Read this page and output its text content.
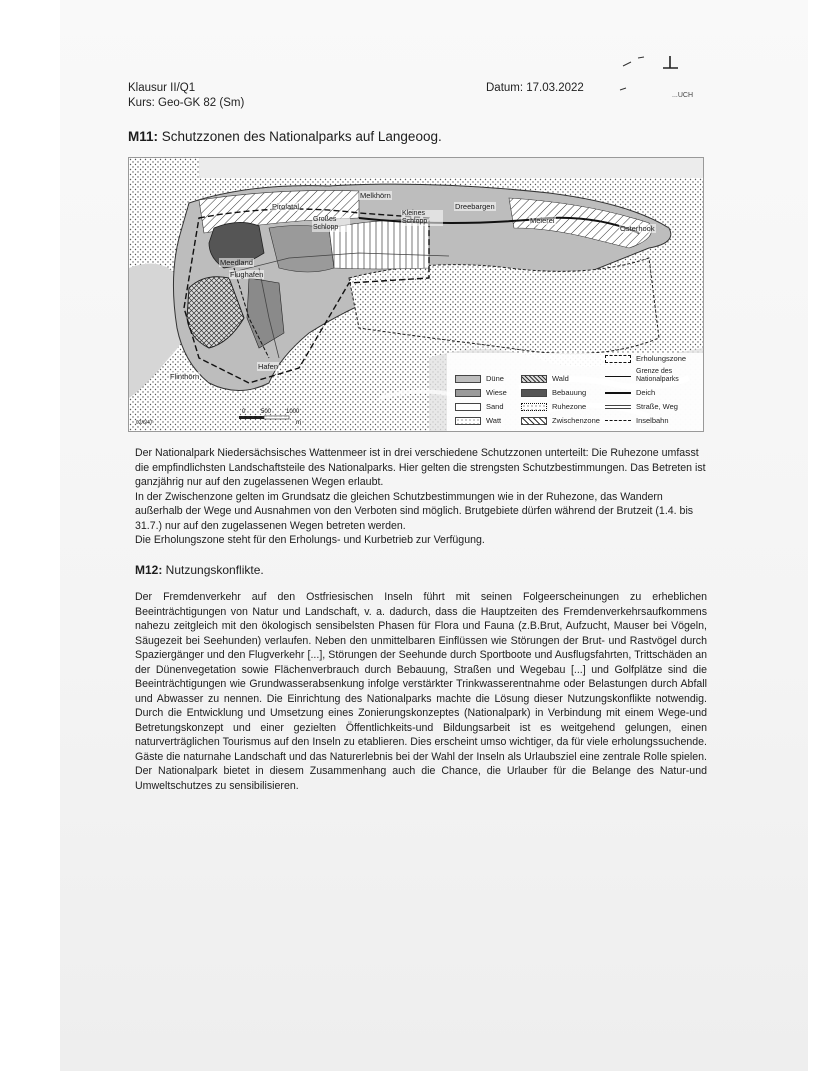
Klausur II/Q1
Kurs: Geo-GK 82 (Sm)
Datum: 17.03.2022
...UCH
M11: Schutzzonen des Nationalparks auf Langeoog.
Pirolatal
Melkhörn
Großes Schlopp
Kleines Schlopp
Dreebargen
Meierei
Osterhook
Meedland
Flughafen
Flinthörn
Hafen
0	500 1000
m
02/6/47
Düne
Wiese
Sand
Watt
Wald
Bebauung
Ruhezone
Zwischenzone
Erholungszone
Grenze des Nationalparks
Deich
Straße, Weg
Inselbahn

Der Nationalpark Niedersächsisches Wattenmeer ist in drei verschiedene Schutzzonen unterteilt: Die Ruhezone umfasst die empfindlichsten Landschaftsteile des Nationalparks. Hier gelten die strengsten Schutzbestimmungen. Das Betreten ist ganzjährig nur auf den zugelassenen Wegen erlaubt.

In der Zwischenzone gelten im Grundsatz die gleichen Schutzbestimmungen wie in der Ruhezone, das Wandern außerhalb der Wege und Ausnahmen von den Verboten sind möglich. Brutgebiete dürfen während der Brutzeit (1.4. bis 31.7.) nur auf den zugelassenen Wegen betreten werden.

Die Erholungszone steht für den Erholungs- und Kurbetrieb zur Verfügung.

M12: Nutzungskonflikte.
Der Fremdenverkehr auf den Ostfriesischen Inseln führt mit seinen Folgeerscheinungen zu erheblichen Beeinträchtigungen von Natur und Landschaft, v. a. dadurch, dass die Hauptzeiten des Fremdenverkehrsaufkommens nahezu zeitgleich mit den ökologisch sensibelsten Phasen für Flora und Fauna (z.B.Brut, Aufzucht, Mauser bei Vögeln, Säugezeit bei Seehunden) verlaufen. Neben den unmittelbaren Einflüssen wie Störungen der Brut- und Rastvögel durch Spaziergänger und den Flugverkehr [...], Störungen der Seehunde durch Sportboote und Ausflugsfahrten, Trittschäden an der Dünenvegetation sowie Flächenverbrauch durch Bebauung, Straßen und Wegebau [...] und Golfplätze sind die Beeinträchtigungen wie Grundwasserabsenkung infolge verstärkter Trinkwasserentnahme oder Belastungen durch Abfall und Abwasser zu nennen. Die Einrichtung des Nationalparks machte die Lösung dieser Nutzungskonflikte notwendig. Durch die Entwicklung und Umsetzung eines Zonierungskonzeptes (Nationalpark) in Verbindung mit einem Wege-und Betretungskonzept und einer gezielten Öffentlichkeits-und Bildungsarbeit ist es weitgehend gelungen, einen naturverträglichen Tourismus auf den Inseln zu etablieren. Dies erscheint umso wichtiger, da für viele erholungssuchende. Gäste die naturnahe Landschaft und das Naturerlebnis bei der Wahl der Inseln als Urlaubsziel eine zentrale Rolle spielen. Der Nationalpark bietet in diesem Zusammenhang auch die Chance, die Urlauber für die Belange des Natur-und Umweltschutzes zu sensibilisieren.
